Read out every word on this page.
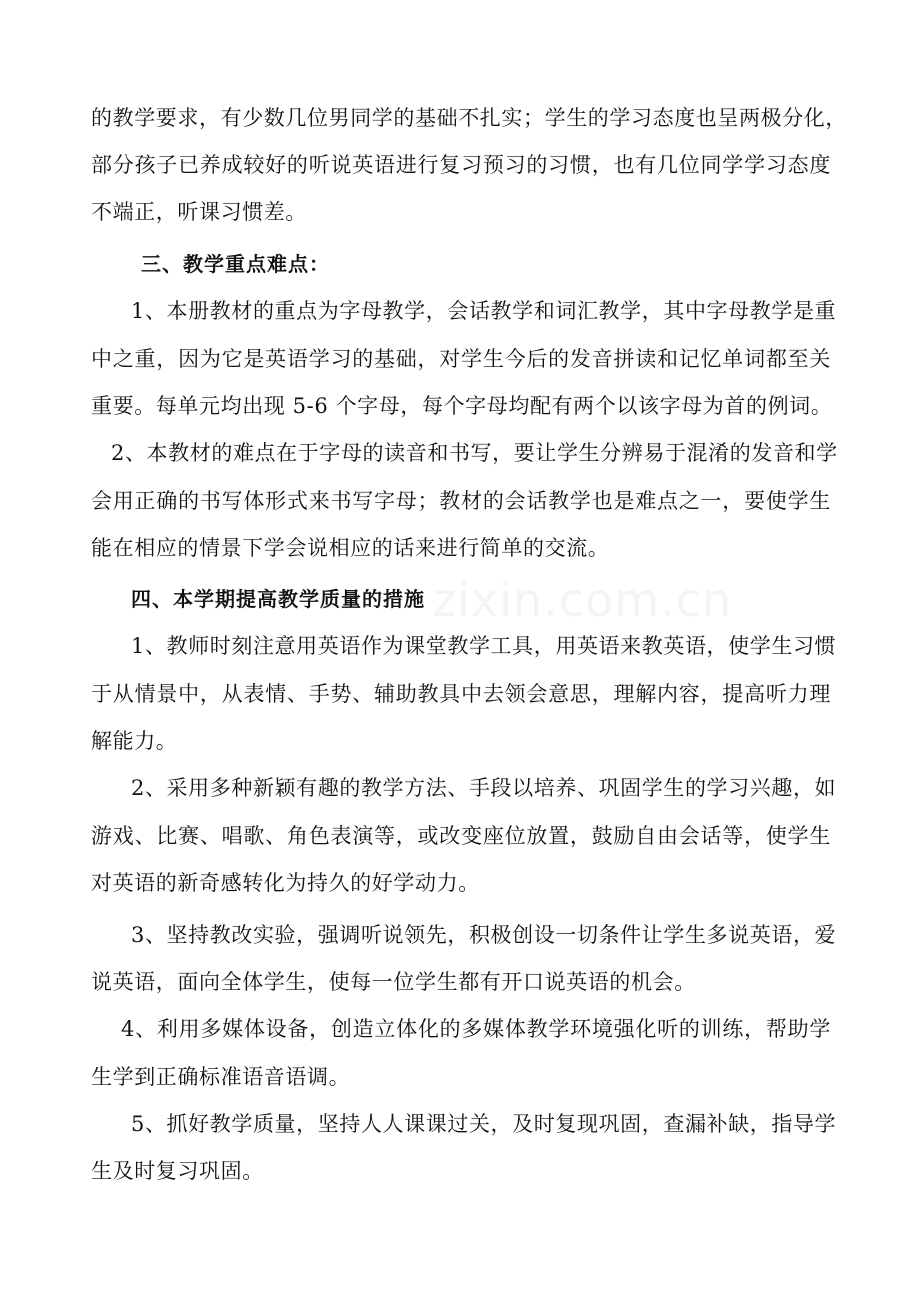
zixin.com.cn
的教学要求，有少数几位男同学的基础不扎实；学生的学习态度也呈两极分化，
部分孩子已养成较好的听说英语进行复习预习的习惯，也有几位同学学习态度
不端正，听课习惯差。
三、教学重点难点：
1、本册教材的重点为字母教学，会话教学和词汇教学，其中字母教学是重
中之重，因为它是英语学习的基础，对学生今后的发音拼读和记忆单词都至关
重要。每单元均出现 5-6 个字母，每个字母均配有两个以该字母为首的例词。
2、本教材的难点在于字母的读音和书写，要让学生分辨易于混淆的发音和学
会用正确的书写体形式来书写字母；教材的会话教学也是难点之一，要使学生
能在相应的情景下学会说相应的话来进行简单的交流。
四、本学期提高教学质量的措施
1、教师时刻注意用英语作为课堂教学工具，用英语来教英语，使学生习惯
于从情景中，从表情、手势、辅助教具中去领会意思，理解内容，提高听力理
解能力。
2、采用多种新颖有趣的教学方法、手段以培养、巩固学生的学习兴趣，如
游戏、比赛、唱歌、角色表演等，或改变座位放置，鼓励自由会话等，使学生
对英语的新奇感转化为持久的好学动力。
3、坚持教改实验，强调听说领先，积极创设一切条件让学生多说英语，爱
说英语，面向全体学生，使每一位学生都有开口说英语的机会。
4、利用多媒体设备，创造立体化的多媒体教学环境强化听的训练，帮助学
生学到正确标准语音语调。
5、抓好教学质量，坚持人人课课过关，及时复现巩固，查漏补缺，指导学
生及时复习巩固。
